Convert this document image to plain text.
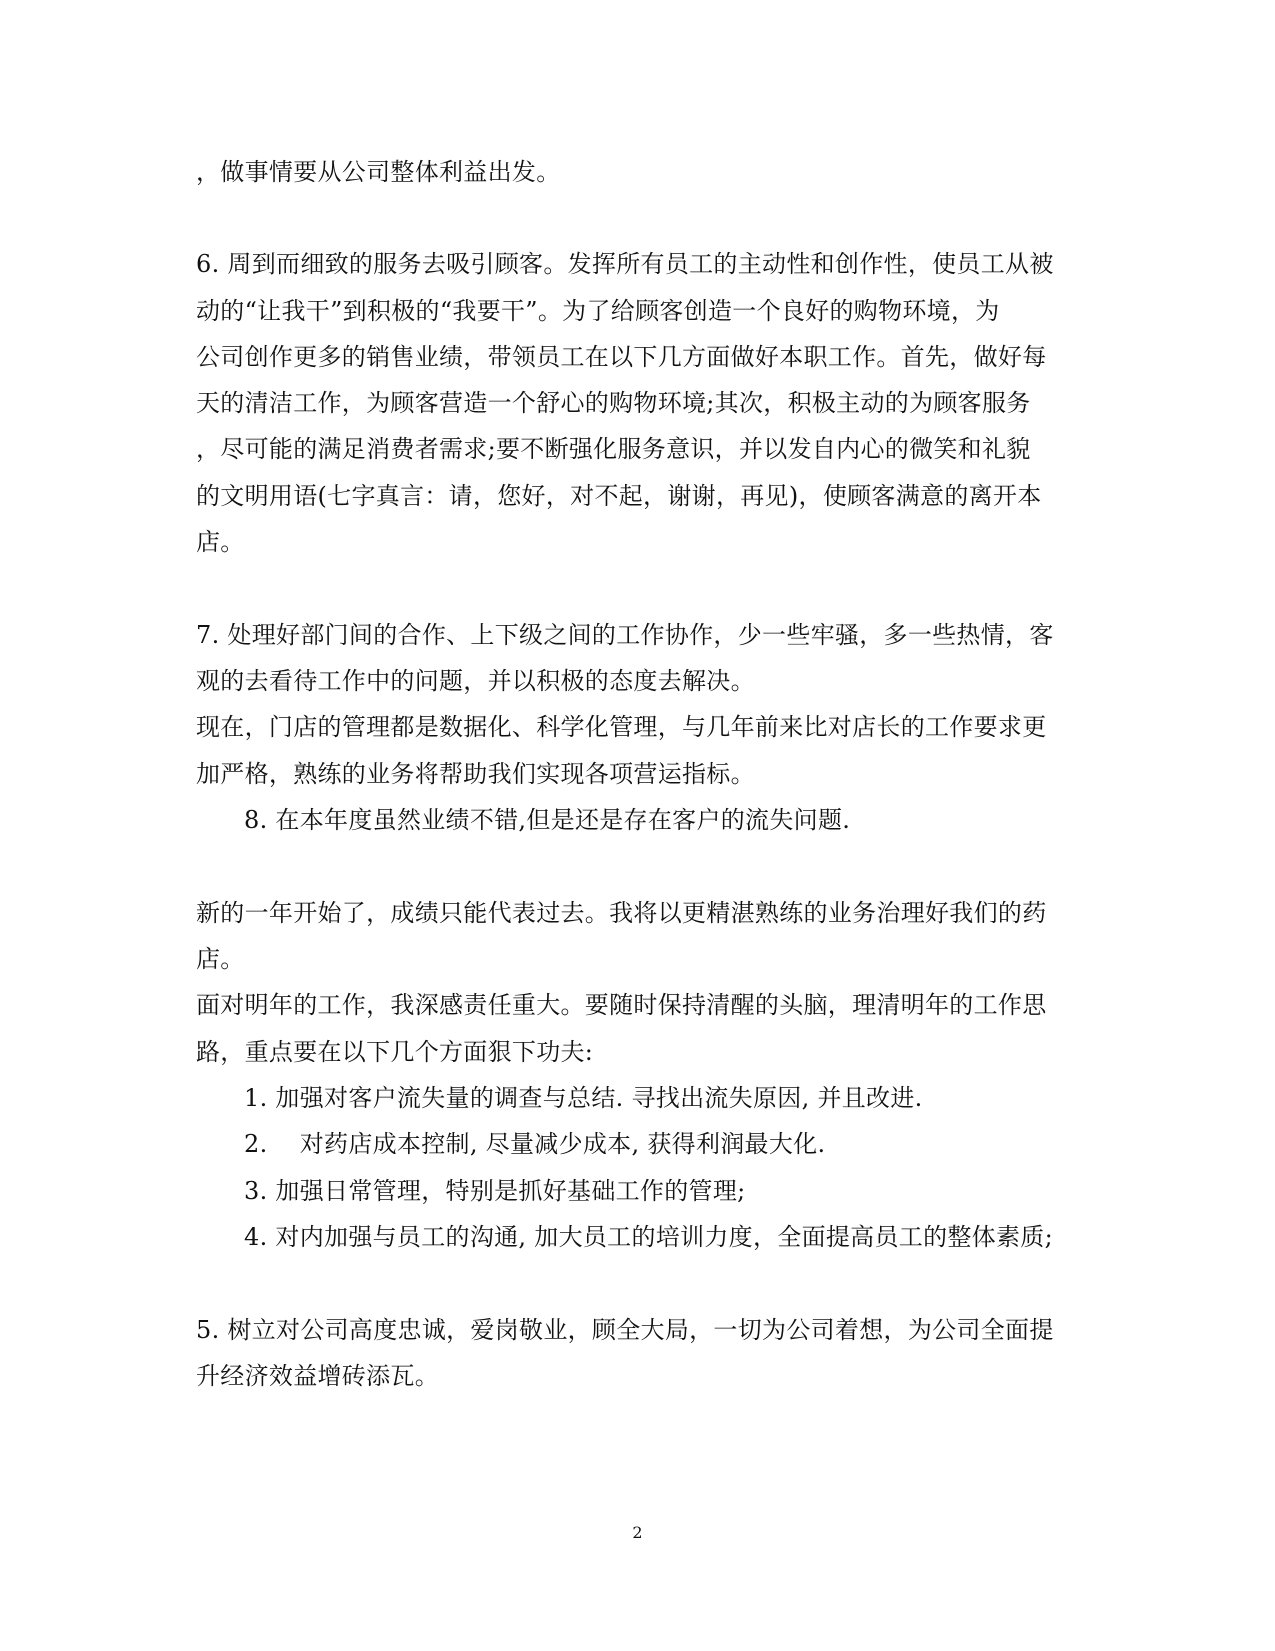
，做事情要从公司整体利益出发。
6. 周到而细致的服务去吸引顾客。发挥所有员工的主动性和创作性，使员工从被
动的“让我干”到积极的“我要干”。为了给顾客创造一个良好的购物环境，为
公司创作更多的销售业绩，带领员工在以下几方面做好本职工作。首先，做好每
天的清洁工作，为顾客营造一个舒心的购物环境;其次，积极主动的为顾客服务
，尽可能的满足消费者需求;要不断强化服务意识，并以发自内心的微笑和礼貌
的文明用语(七字真言：请，您好，对不起，谢谢，再见)，使顾客满意的离开本
店。
7. 处理好部门间的合作、上下级之间的工作协作，少一些牢骚，多一些热情，客
观的去看待工作中的问题，并以积极的态度去解决。
现在，门店的管理都是数据化、科学化管理，与几年前来比对店长的工作要求更
加严格，熟练的业务将帮助我们实现各项营运指标。
8. 在本年度虽然业绩不错,但是还是存在客户的流失问题.
新的一年开始了，成绩只能代表过去。我将以更精湛熟练的业务治理好我们的药
店。
面对明年的工作，我深感责任重大。要随时保持清醒的头脑，理清明年的工作思
路，重点要在以下几个方面狠下功夫:
1. 加强对客户流失量的调查与总结. 寻找出流失原因, 并且改进.
2.　 对药店成本控制, 尽量减少成本, 获得利润最大化.
3. 加强日常管理，特别是抓好基础工作的管理;
4. 对内加强与员工的沟通, 加大员工的培训力度，全面提高员工的整体素质;
5. 树立对公司高度忠诚，爱岗敬业，顾全大局，一切为公司着想，为公司全面提
升经济效益增砖添瓦。
2
